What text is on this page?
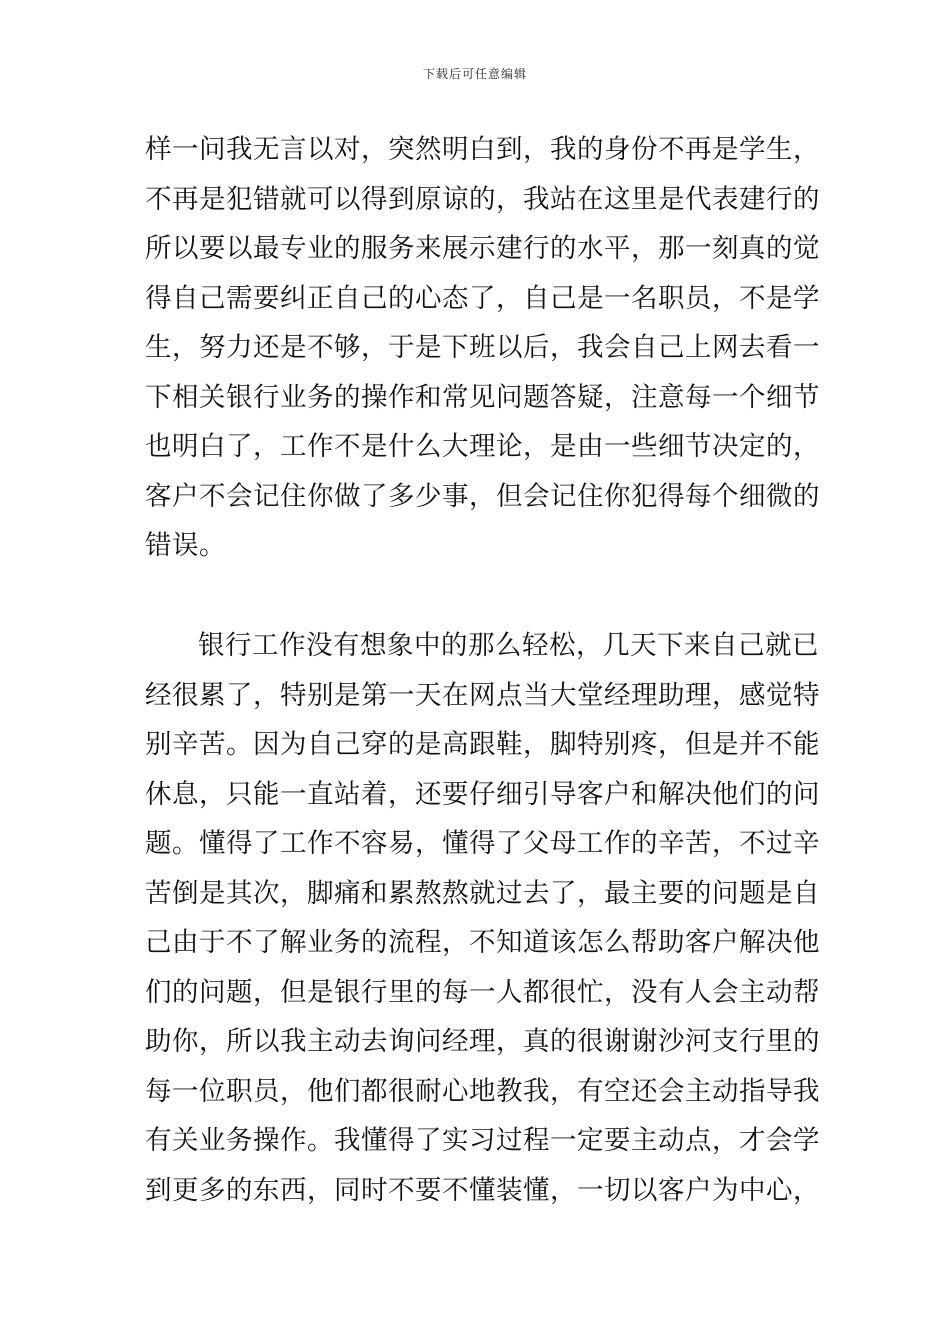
下载后可任意编辑
样一问我无言以对，突然明白到，我的身份不再是学生，
不再是犯错就可以得到原谅的，我站在这里是代表建行的
所以要以最专业的服务来展示建行的水平，那一刻真的觉
得自己需要纠正自己的心态了，自己是一名职员，不是学
生，努力还是不够，于是下班以后，我会自己上网去看一
下相关银行业务的操作和常见问题答疑，注意每一个细节
也明白了，工作不是什么大理论，是由一些细节决定的，
客户不会记住你做了多少事，但会记住你犯得每个细微的
错误。
银行工作没有想象中的那么轻松，几天下来自己就已
经很累了，特别是第一天在网点当大堂经理助理，感觉特
别辛苦。因为自己穿的是高跟鞋，脚特别疼，但是并不能
休息，只能一直站着，还要仔细引导客户和解决他们的问
题。懂得了工作不容易，懂得了父母工作的辛苦，不过辛
苦倒是其次，脚痛和累熬熬就过去了，最主要的问题是自
己由于不了解业务的流程，不知道该怎么帮助客户解决他
们的问题，但是银行里的每一人都很忙，没有人会主动帮
助你，所以我主动去询问经理，真的很谢谢沙河支行里的
每一位职员，他们都很耐心地教我，有空还会主动指导我
有关业务操作。我懂得了实习过程一定要主动点，才会学
到更多的东西，同时不要不懂装懂，一切以客户为中心，
